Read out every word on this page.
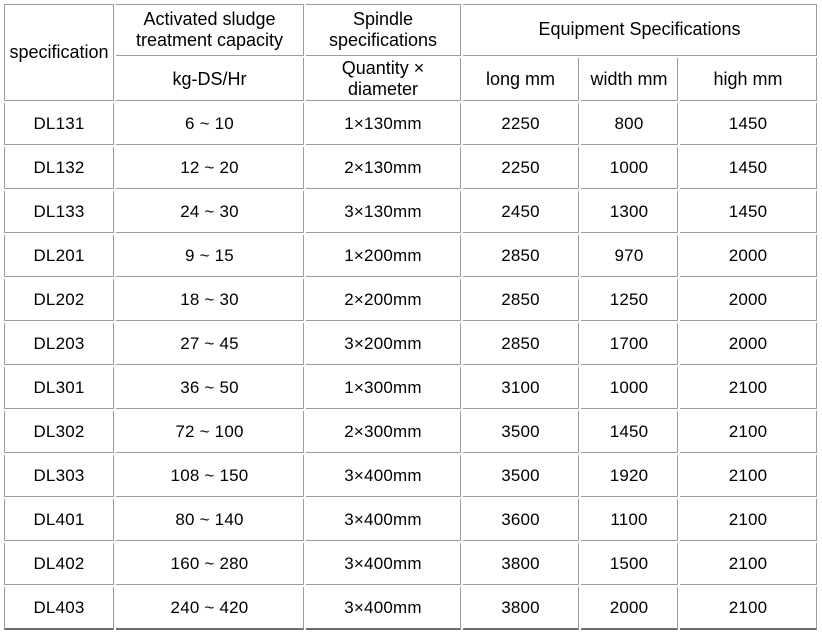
specification	Activated sludge treatment capacity	Spindle specifications	Equipment Specifications		
	kg-DS/Hr	Quantity × diameter	long mm	width mm	high mm
DL131	6 ~ 10	1×130mm	2250	800	1450
DL132	12 ~ 20	2×130mm	2250	1000	1450
DL133	24 ~ 30	3×130mm	2450	1300	1450
DL201	9 ~ 15	1×200mm	2850	970	2000
DL202	18 ~ 30	2×200mm	2850	1250	2000
DL203	27 ~ 45	3×200mm	2850	1700	2000
DL301	36 ~ 50	1×300mm	3100	1000	2100
DL302	72 ~ 100	2×300mm	3500	1450	2100
DL303	108 ~ 150	3×400mm	3500	1920	2100
DL401	80 ~ 140	3×400mm	3600	1100	2100
DL402	160 ~ 280	3×400mm	3800	1500	2100
DL403	240 ~ 420	3×400mm	3800	2000	2100
